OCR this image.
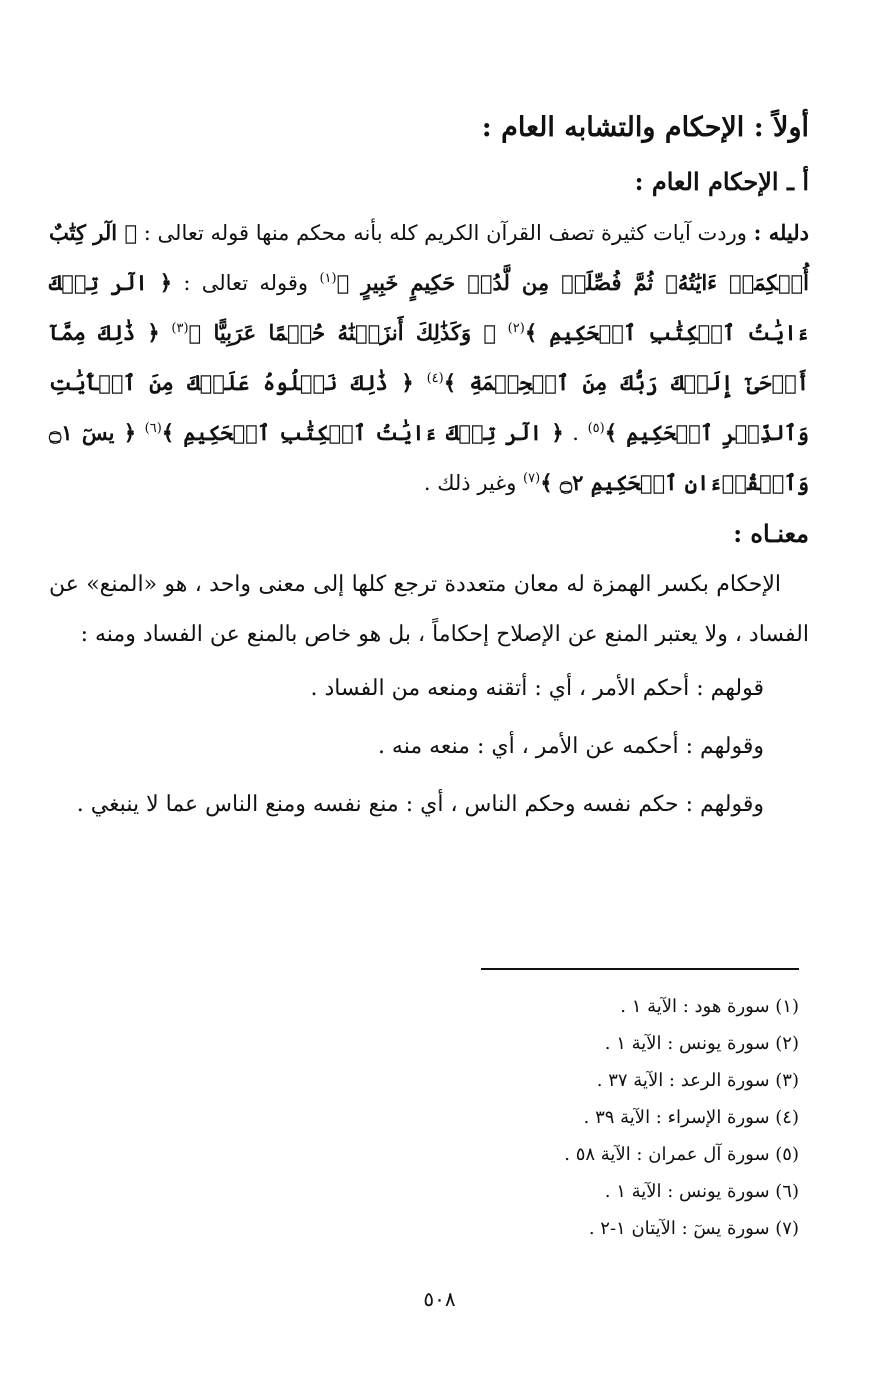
أولاً : الإحكام والتشابه العام :

أ ـ الإحكام العام :

دليله : وردت آيات كثيرة تصف القرآن الكريم كله بأنه محكم منها قوله تعالى : ﴿ الٓر كِتَٰبٌ أُحۡكِمَتۡ ءَايَٰتُهُۥ ثُمَّ فُصِّلَتۡ مِن لَّدُنۡ حَكِيمٍ خَبِيرٍ ﴾$^{(١)}$ وقوله تعالى : ﴿ الٓر تِلۡكَ ءَايَٰتُ ٱلۡكِتَٰبِ ٱلۡحَكِيمِ ﴾$^{(٢)}$ ﴿ وَكَذَٰلِكَ أَنزَلۡنَٰهُ حُكۡمًا عَرَبِيًّا ﴾$^{(٣)}$ ﴿ ذَٰلِكَ مِمَّآ أَوۡحَىٰٓ إِلَيۡكَ رَبُّكَ مِنَ ٱلۡحِكۡمَةِ ﴾$^{(٤)}$ ﴿ ذَٰلِكَ نَتۡلُوهُ عَلَيۡكَ مِنَ ٱلۡأٓيَٰتِ وَٱلذِّكۡرِ ٱلۡحَكِيمِ ﴾$^{(٥)}$ . ﴿ الٓر تِلۡكَ ءَايَٰتُ ٱلۡكِتَٰبِ ٱلۡحَكِيمِ ﴾$^{(٦)}$ ﴿ يسٓ ۝١ وَٱلۡقُرۡءَانِ ٱلۡحَكِيمِ ۝٢ ﴾$^{(٧)}$ وغير ذلك .

معنـاه :

الإحكام بكسر الهمزة له معان متعددة ترجع كلها إلى معنى واحد ، هو «المنع» عن الفساد ، ولا يعتبر المنع عن الإصلاح إحكاماً ، بل هو خاص بالمنع عن الفساد ومنه :

قولهم : أحكم الأمر ، أي : أتقنه ومنعه من الفساد .

وقولهم : أحكمه عن الأمر ، أي : منعه منه .

وقولهم : حكم نفسه وحكم الناس ، أي : منع نفسه ومنع الناس عما لا ينبغي .

(١) سورة هود : الآية ١ .
(٢) سورة يونس : الآية ١ .
(٣) سورة الرعد : الآية ٣٧ .
(٤) سورة الإسراء : الآية ٣٩ .
(٥) سورة آل عمران : الآية ٥٨ .
(٦) سورة يونس : الآية ١ .
(٧) سورة يسٓ : الآيتان ١-٢ .
٥٠٨
